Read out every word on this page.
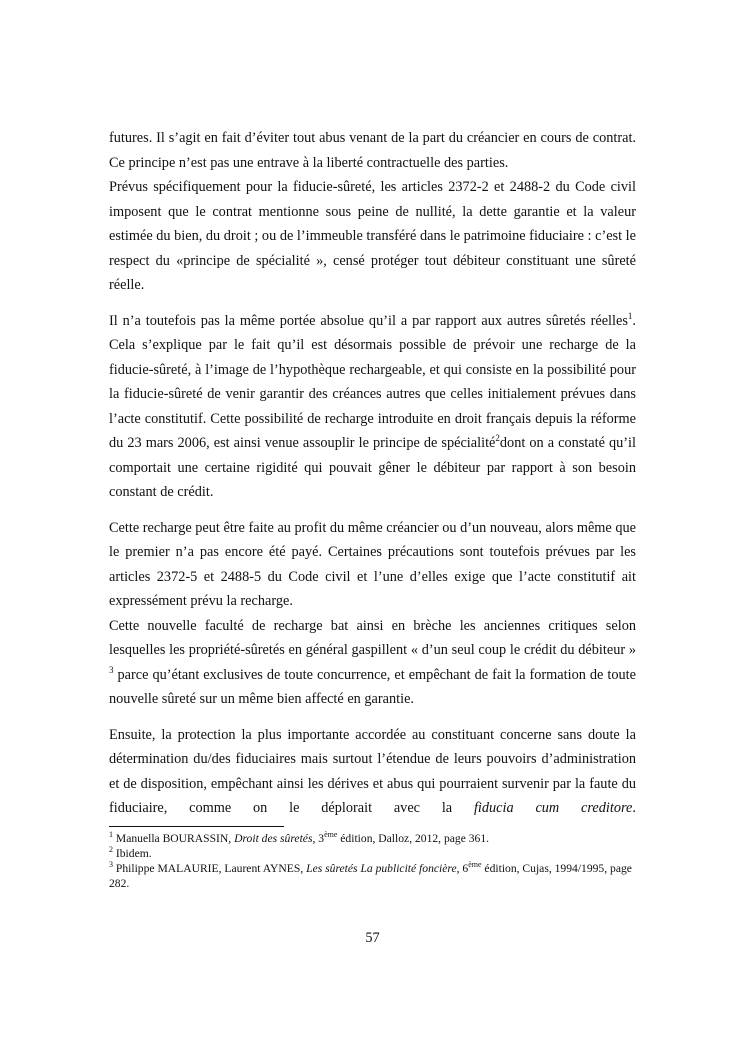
futures. Il s’agit en fait d’éviter tout abus venant de la part du créancier en cours de contrat. Ce principe n’est pas une entrave à la liberté contractuelle des parties.

Prévus spécifiquement pour la fiducie-sûreté, les articles 2372-2 et 2488-2 du Code civil imposent que le contrat mentionne sous peine de nullité, la dette garantie et la valeur estimée du bien, du droit ; ou de l’immeuble transféré dans le patrimoine fiduciaire : c’est le respect du «principe de spécialité », censé protéger tout débiteur constituant une sûreté réelle.

Il n’a toutefois pas la même portée absolue qu’il a par rapport aux autres sûretés réelles$^1$. Cela s’explique par le fait qu’il est désormais possible de prévoir une recharge de la fiducie-sûreté, à l’image de l’hypothèque rechargeable, et qui consiste en la possibilité pour la fiducie-sûreté de venir garantir des créances autres que celles initialement prévues dans l’acte constitutif. Cette possibilité de recharge introduite en droit français depuis la réforme du 23 mars 2006, est ainsi venue assouplir le principe de spécialité$^2$dont on a constaté qu’il comportait une certaine rigidité qui pouvait gêner le débiteur par rapport à son besoin constant de crédit.

Cette recharge peut être faite au profit du même créancier ou d’un nouveau, alors même que le premier n’a pas encore été payé. Certaines précautions sont toutefois prévues par les articles 2372-5 et 2488-5 du Code civil et l’une d’elles exige que l’acte constitutif ait expressément prévu la recharge.

Cette nouvelle faculté de recharge bat ainsi en brèche les anciennes critiques selon lesquelles les propriété-sûretés en général gaspillent « d’un seul coup le crédit du débiteur » $^3$ parce qu’étant exclusives de toute concurrence, et empêchant de fait la formation de toute nouvelle sûreté sur un même bien affecté en garantie.

Ensuite, la protection la plus importante accordée au constituant concerne sans doute la détermination du/des fiduciaires mais surtout l’étendue de leurs pouvoirs d’administration et de disposition, empêchant ainsi les dérives et abus qui pourraient survenir par la faute du fiduciaire, comme on le déplorait avec la fiducia cum creditore.

$^1$ Manuella BOURASSIN, Droit des sûretés, 3ème édition, Dalloz, 2012, page 361.

$^2$ Ibidem.

$^3$ Philippe MALAURIE, Laurent AYNES, Les sûretés La publicité foncière, 6ème édition, Cujas, 1994/1995, page 282.

57
